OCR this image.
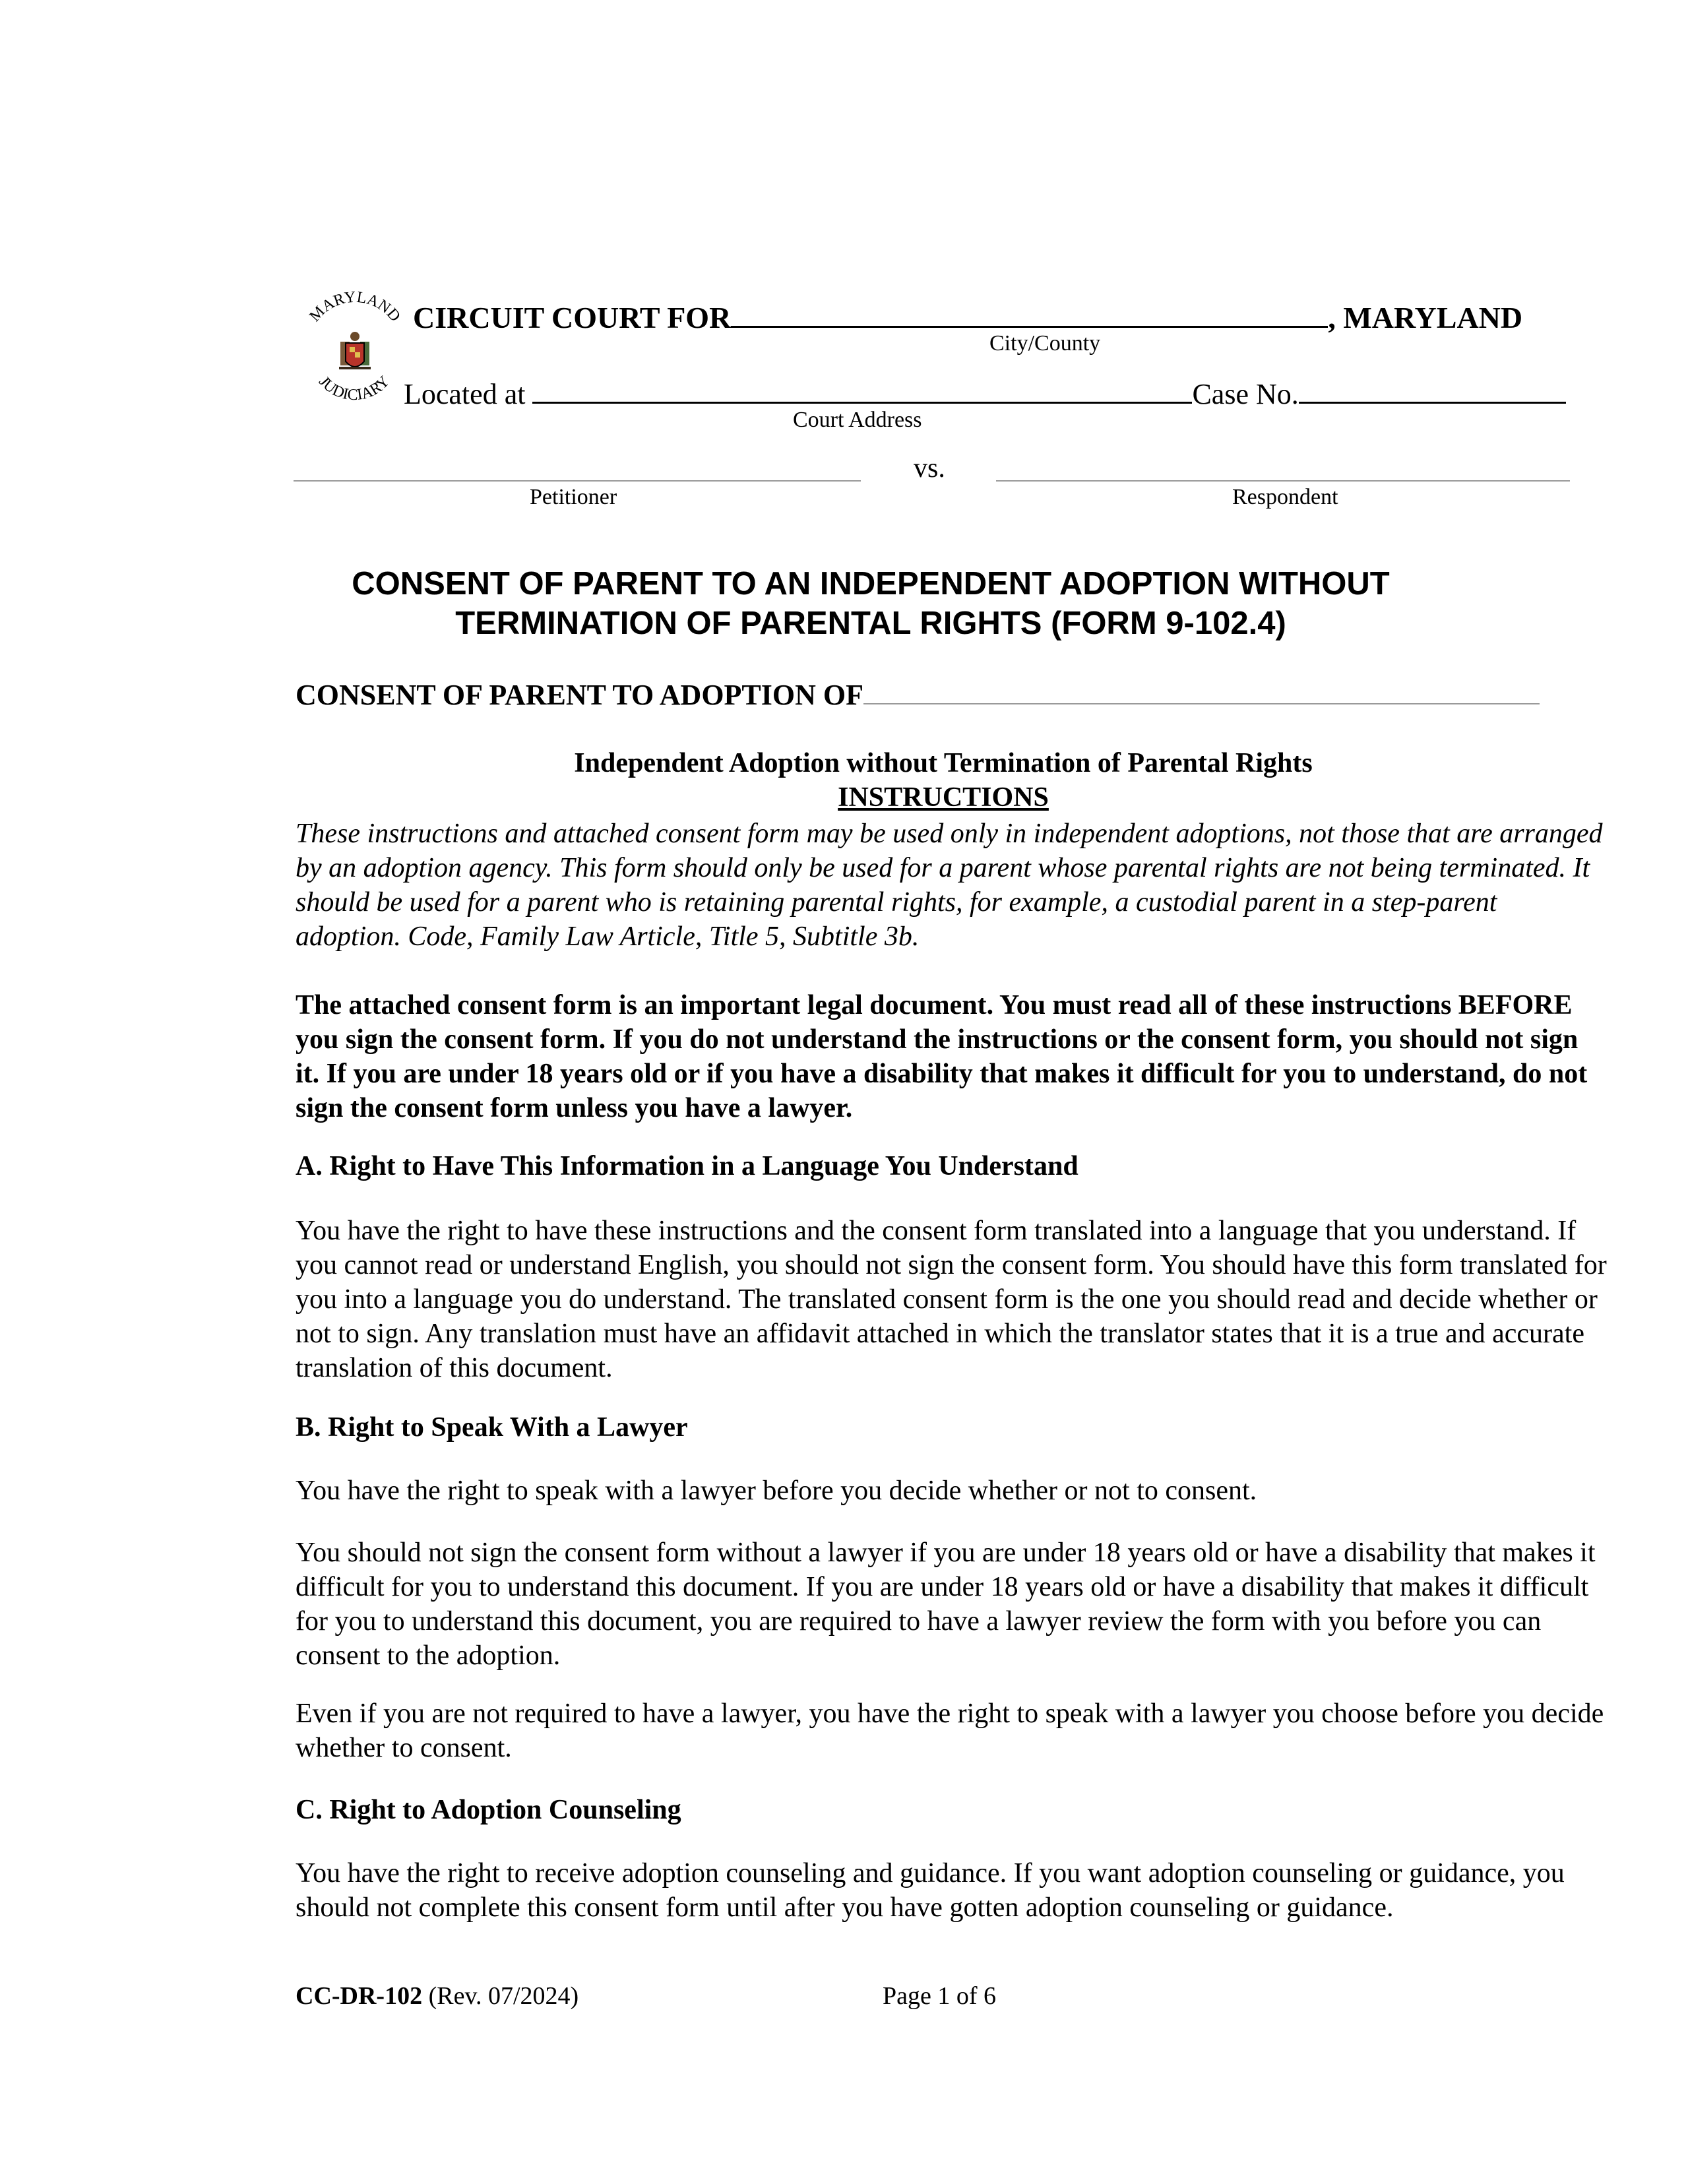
MARYLAND
JUDICIARY
CIRCUIT COURT FOR	, MARYLAND
City/County
Located at	Case No.
Court Address
vs.
Petitioner	Respondent
CONSENT OF PARENT TO AN INDEPENDENT ADOPTION WITHOUT
TERMINATION OF PARENTAL RIGHTS (FORM 9-102.4)
CONSENT OF PARENT TO ADOPTION OF
Independent Adoption without Termination of Parental Rights
INSTRUCTIONS

These instructions and attached consent form may be used only in independent adoptions, not those that are arranged by an adoption agency. This form should only be used for a parent whose parental rights are not being terminated. It should be used for a parent who is retaining parental rights, for example, a custodial parent in a step-parent adoption. Code, Family Law Article, Title 5, Subtitle 3b.

The attached consent form is an important legal document. You must read all of these instructions BEFORE you sign the consent form. If you do not understand the instructions or the consent form, you should not sign it. If you are under 18 years old or if you have a disability that makes it difficult for you to understand, do not sign the consent form unless you have a lawyer.

A. Right to Have This Information in a Language You Understand

You have the right to have these instructions and the consent form translated into a language that you understand. If you cannot read or understand English, you should not sign the consent form. You should have this form translated for you into a language you do understand. The translated consent form is the one you should read and decide whether or not to sign. Any translation must have an affidavit attached in which the translator states that it is a true and accurate translation of this document.

B. Right to Speak With a Lawyer

You have the right to speak with a lawyer before you decide whether or not to consent.

You should not sign the consent form without a lawyer if you are under 18 years old or have a disability that makes it difficult for you to understand this document. If you are under 18 years old or have a disability that makes it difficult for you to understand this document, you are required to have a lawyer review the form with you before you can consent to the adoption.

Even if you are not required to have a lawyer, you have the right to speak with a lawyer you choose before you decide whether to consent.

C. Right to Adoption Counseling

You have the right to receive adoption counseling and guidance. If you want adoption counseling or guidance, you should not complete this consent form until after you have gotten adoption counseling or guidance.

CC-DR-102 (Rev. 07/2024)	Page 1 of 6
